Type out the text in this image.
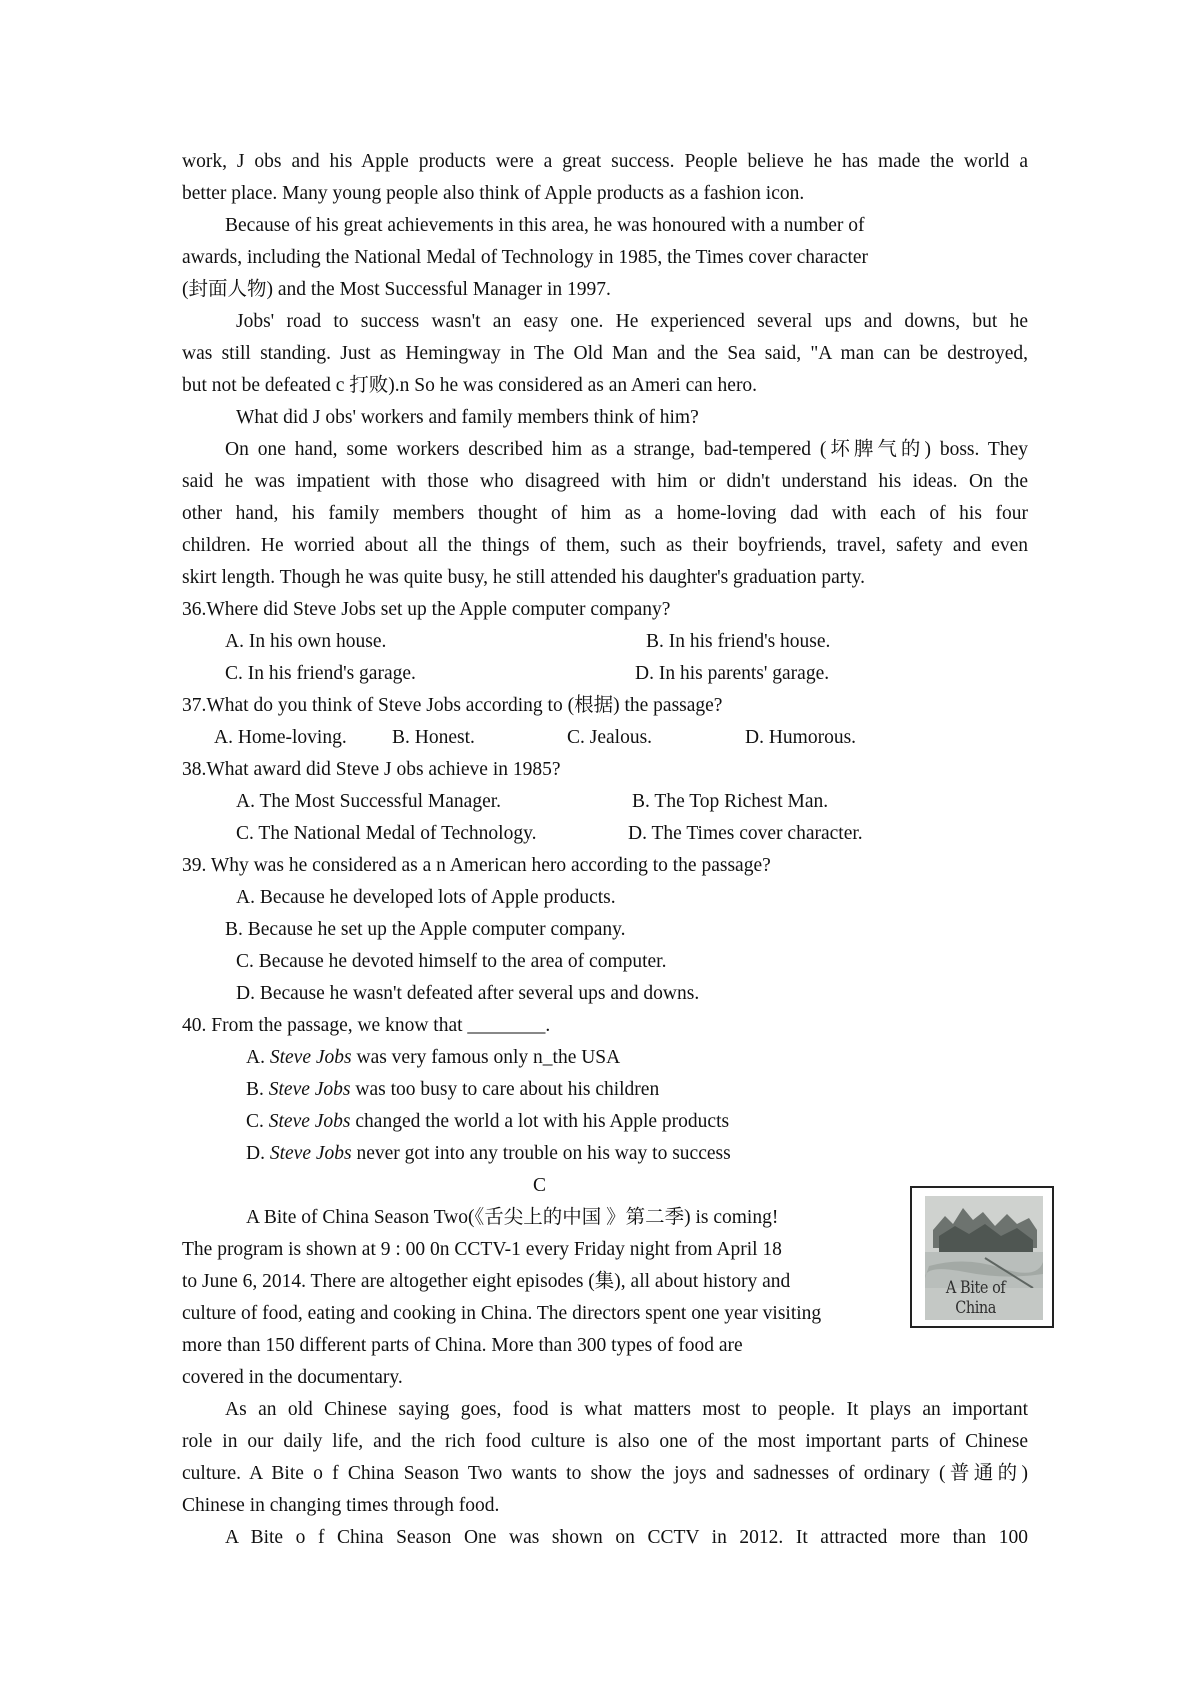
work, J obs and his Apple products were a great success. People believe he has made the world a
better place. Many young people also think of Apple products as a fashion icon.
Because of his great achievements in this area, he was honoured with a number of
awards, including the National Medal of Technology in 1985, the Times cover character
(封面人物) and the Most Successful Manager in 1997.
Jobs' road to success wasn't an easy one. He experienced several ups and downs, but he
was still standing. Just as Hemingway in The Old Man and the Sea said, "A man can be destroyed,
but not be defeated c 打败).n So he was considered as an Ameri can hero.
What did J obs' workers and family members think of him?
On one hand, some workers described him as a strange, bad-tempered (坏脾气的) boss. They
said he was impatient with those who disagreed with him or didn't understand his ideas. On the
other hand, his family members thought of him as a home-loving dad with each of his four
children. He worried about all the things of them, such as their boyfriends, travel, safety and even
skirt length. Though he was quite busy, he still attended his daughter's graduation party.
36.Where did Steve Jobs set up the Apple computer company?
A. In his own house.	B. In his friend's house.
C. In his friend's garage.	D. In his parents' garage.
37.What do you think of Steve Jobs according to (根据) the passage?
A. Home-loving. B. Honest.	C. Jealous.	D. Humorous.
38.What award did Steve J obs achieve in 1985?
A. The Most Successful Manager.	B. The Top Richest Man.
C. The National Medal of Technology.	D. The Times cover character.
39. Why was he considered as a n American hero according to the passage?
A. Because he developed lots of Apple products.
B. Because he set up the Apple computer company.
C. Because he devoted himself to the area of computer.
D. Because he wasn't defeated after several ups and downs.
40. From the passage, we know that ________.
A. Steve Jobs was very famous only n_the USA
B. Steve Jobs was too busy to care about his children
C. Steve Jobs changed the world a lot with his Apple products
D. Steve Jobs never got into any trouble on his way to success
C
A Bite of China Season Two(《舌尖上的中国 》第二季) is coming!
The program is shown at 9 : 00 0n CCTV-1 every Friday night from April 18
to June 6, 2014. There are altogether eight episodes (集), all about history and
culture of food, eating and cooking in China. The directors spent one year visiting
more than 150 different parts of China. More than 300 types of food are
covered in the documentary.
As an old Chinese saying goes, food is what matters most to people. It plays an important
role in our daily life, and the rich food culture is also one of the most important parts of Chinese
culture. A Bite o f China Season Two wants to show the joys and sadnesses of ordinary (普通的)
Chinese in changing times through food.
A Bite o f China Season One was shown on CCTV in 2012. It attracted more than 100
A Bite of China
